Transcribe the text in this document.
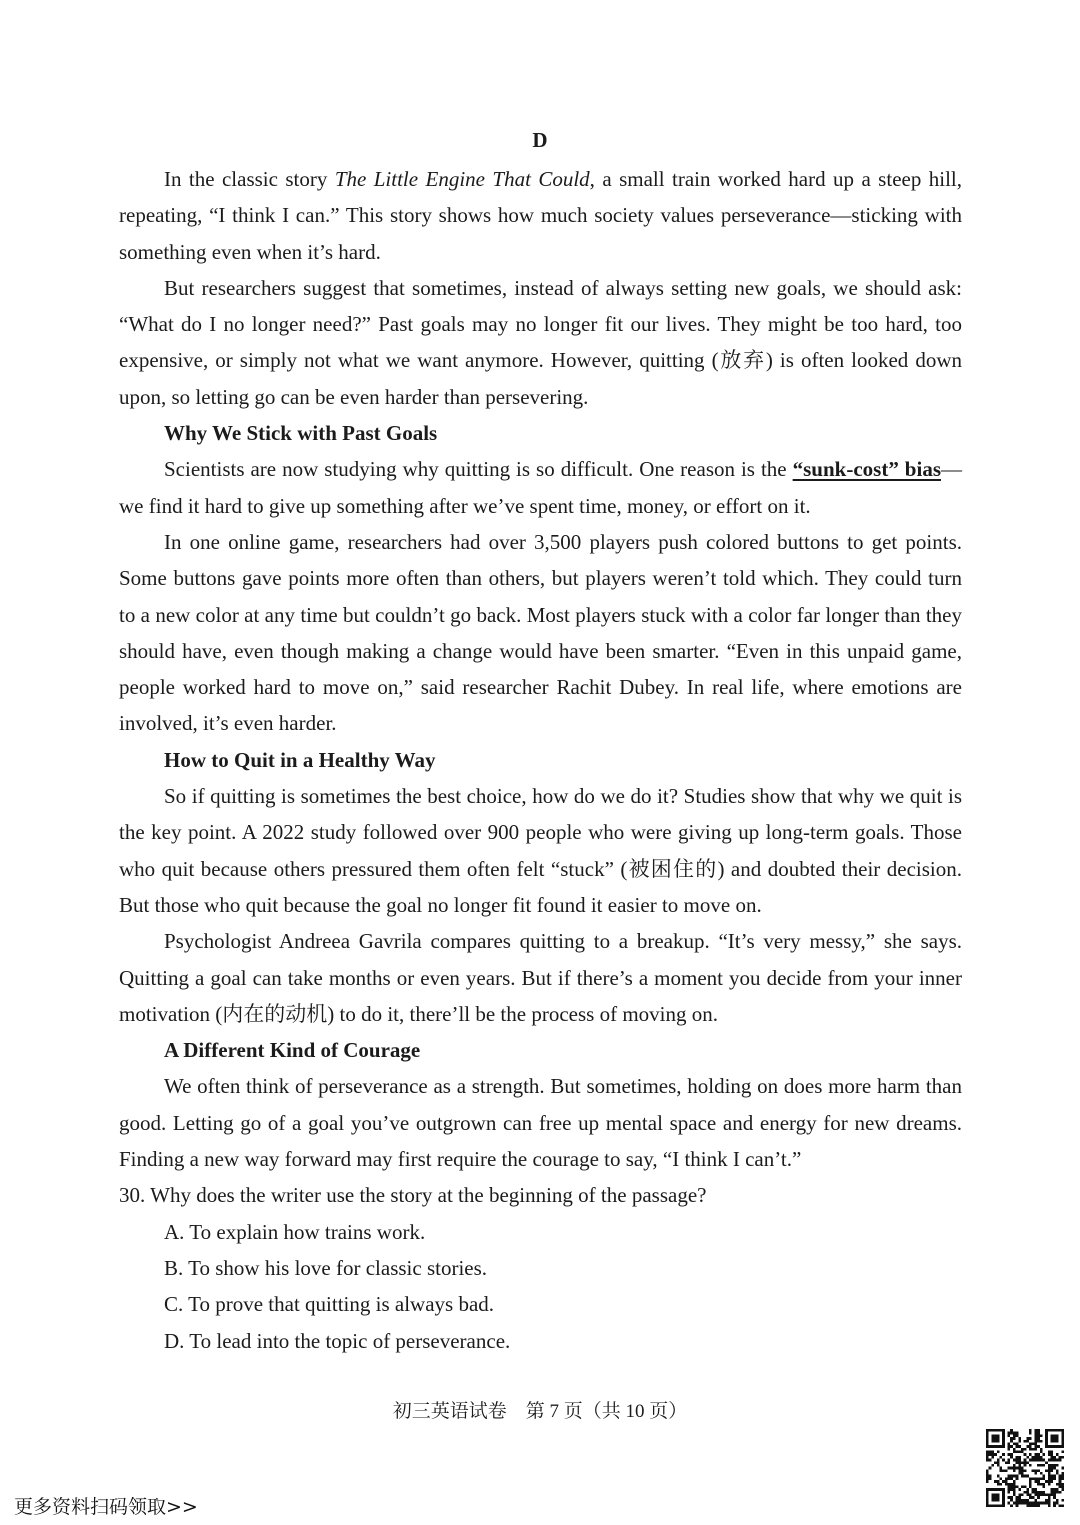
D

In the classic story The Little Engine That Could, a small train worked hard up a steep hill, repeating, “I think I can.” This story shows how much society values perseverance—sticking with something even when it’s hard.

But researchers suggest that sometimes, instead of always setting new goals, we should ask: “What do I no longer need?” Past goals may no longer fit our lives. They might be too hard, too expensive, or simply not what we want anymore. However, quitting (放弃) is often looked down upon, so letting go can be even harder than persevering.

Why We Stick with Past Goals

Scientists are now studying why quitting is so difficult. One reason is the “sunk-cost” bias—we find it hard to give up something after we’ve spent time, money, or effort on it.

In one online game, researchers had over 3,500 players push colored buttons to get points. Some buttons gave points more often than others, but players weren’t told which. They could turn to a new color at any time but couldn’t go back. Most players stuck with a color far longer than they should have, even though making a change would have been smarter. “Even in this unpaid game, people worked hard to move on,” said researcher Rachit Dubey. In real life, where emotions are involved, it’s even harder.

How to Quit in a Healthy Way

So if quitting is sometimes the best choice, how do we do it? Studies show that why we quit is the key point. A 2022 study followed over 900 people who were giving up long-term goals. Those who quit because others pressured them often felt “stuck” (被困住的) and doubted their decision. But those who quit because the goal no longer fit found it easier to move on.

Psychologist Andreea Gavrila compares quitting to a breakup. “It’s very messy,” she says. Quitting a goal can take months or even years. But if there’s a moment you decide from your inner motivation (内在的动机) to do it, there’ll be the process of moving on.

A Different Kind of Courage

We often think of perseverance as a strength. But sometimes, holding on does more harm than good. Letting go of a goal you’ve outgrown can free up mental space and energy for new dreams. Finding a new way forward may first require the courage to say, “I think I can’t.”

30. Why does the writer use the story at the beginning of the passage?
A. To explain how trains work.
B. To show his love for classic stories.
C. To prove that quitting is always bad.
D. To lead into the topic of perseverance.
初三英语试卷　第 7 页（共 10 页）
更多资料扫码领取>>
